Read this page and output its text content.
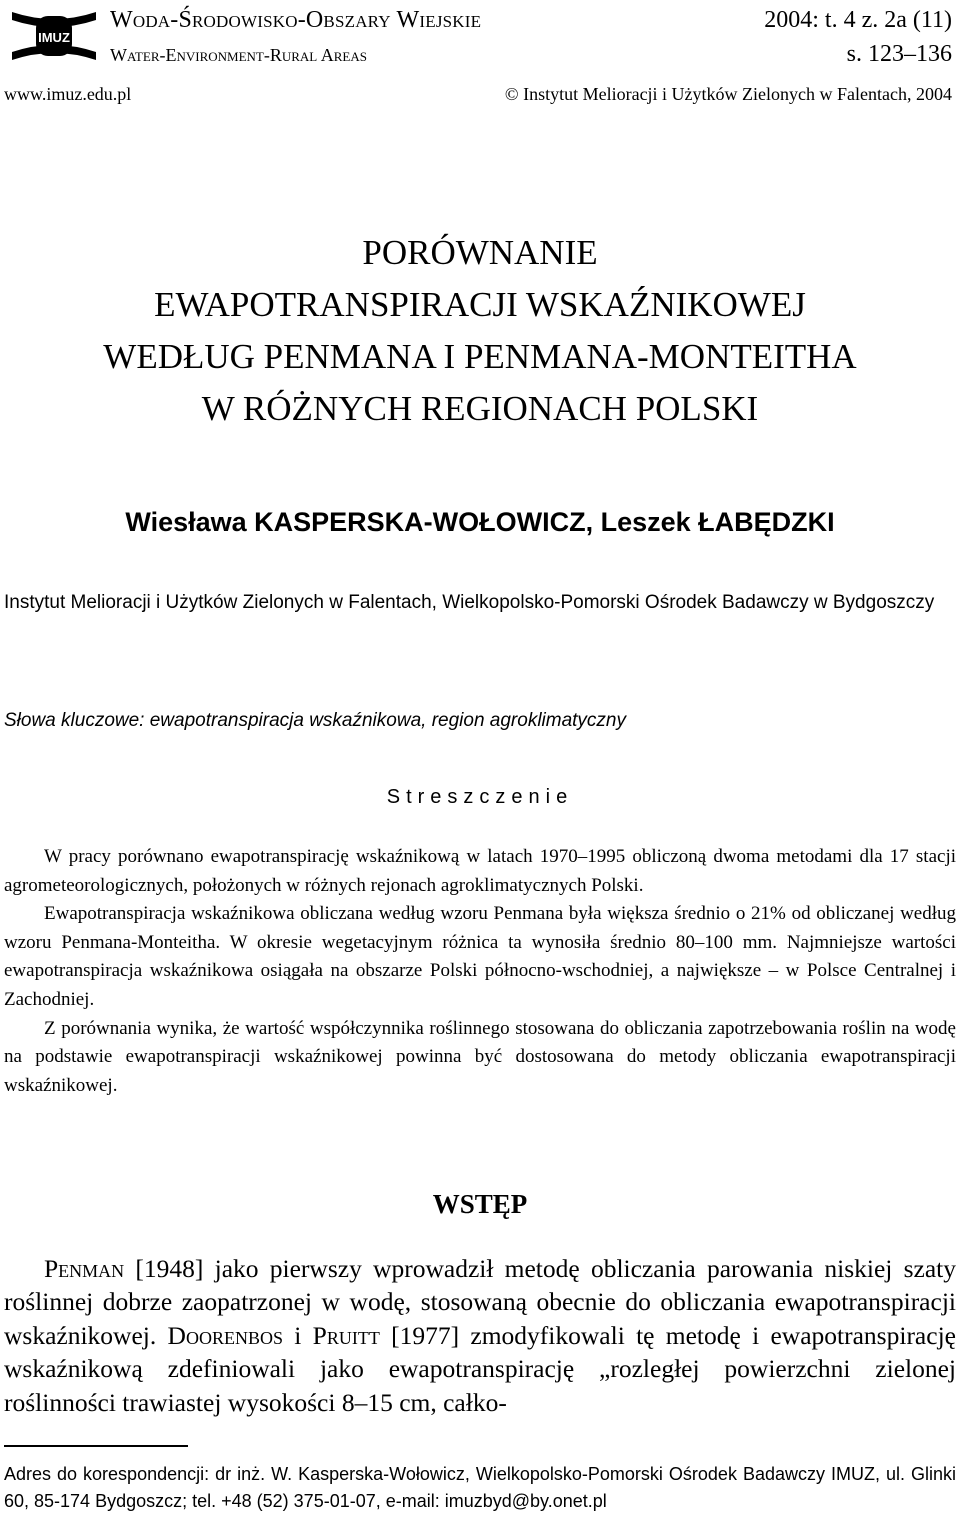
IMUZ
Woda-Środowisko-Obszary Wiejskie
Water-Environment-Rural Areas
2004: t. 4 z. 2a (11)
s. 123–136
www.imuz.edu.pl	© Instytut Melioracji i Użytków Zielonych w Falentach, 2004
PORÓWNANIE
EWAPOTRANSPIRACJI WSKAŹNIKOWEJ
WEDŁUG PENMANA I PENMANA-MONTEITHA
W RÓŻNYCH REGIONACH POLSKI
Wiesława KASPERSKA-WOŁOWICZ, Leszek ŁABĘDZKI
Instytut Melioracji i Użytków Zielonych w Falentach, Wielkopolsko-Pomorski Ośrodek Badawczy w Bydgoszczy
Słowa kluczowe: ewapotranspiracja wskaźnikowa, region agroklimatyczny
Streszczenie

W pracy porównano ewapotranspirację wskaźnikową w latach 1970–1995 obliczoną dwoma metodami dla 17 stacji agrometeorologicznych, położonych w różnych rejonach agroklimatycznych Polski.

Ewapotranspiracja wskaźnikowa obliczana według wzoru Penmana była większa średnio o 21% od obliczanej według wzoru Penmana-Monteitha. W okresie wegetacyjnym różnica ta wynosiła średnio 80–100 mm. Najmniejsze wartości ewapotranspiracja wskaźnikowa osiągała na obszarze Polski północno-wschodniej, a największe – w Polsce Centralnej i Zachodniej.

Z porównania wynika, że wartość współczynnika roślinnego stosowana do obliczania zapotrzebowania roślin na wodę na podstawie ewapotranspiracji wskaźnikowej powinna być dostosowana do metody obliczania ewapotranspiracji wskaźnikowej.

WSTĘP

Penman [1948] jako pierwszy wprowadził metodę obliczania parowania niskiej szaty roślinnej dobrze zaopatrzonej w wodę, stosowaną obecnie do obliczania ewapotranspiracji wskaźnikowej. Doorenbos i Pruitt [1977] zmodyfikowali tę metodę i ewapotranspirację wskaźnikową zdefiniowali jako ewapotranspirację „rozległej powierzchni zielonej roślinności trawiastej wysokości 8–15 cm, całko-

Adres do korespondencji: dr inż. W. Kasperska-Wołowicz, Wielkopolsko-Pomorski Ośrodek Badawczy IMUZ, ul. Glinki 60, 85-174 Bydgoszcz; tel. +48 (52) 375-01-07, e-mail: imuzbyd@by.onet.pl
